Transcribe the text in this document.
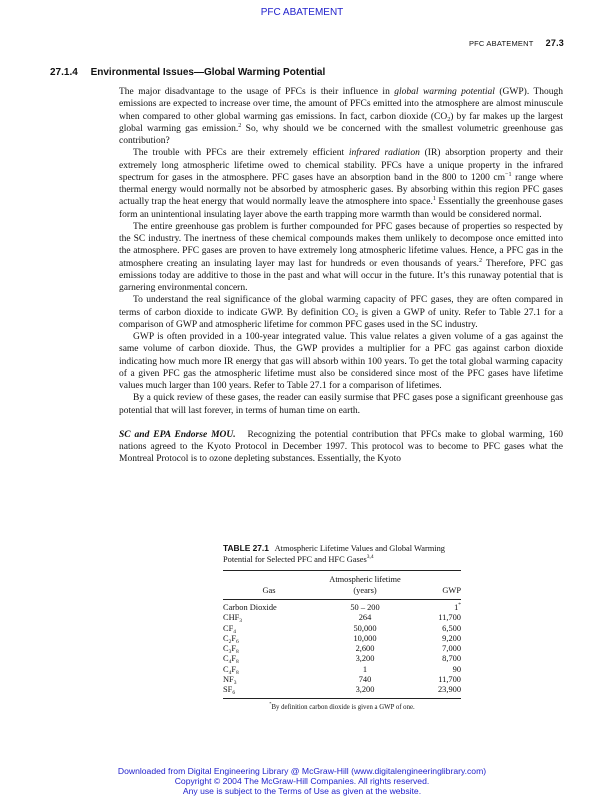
PFC ABATEMENT
PFC ABATEMENT 27.3
27.1.4 Environmental Issues—Global Warming Potential

The major disadvantage to the usage of PFCs is their influence in global warming potential (GWP). Though emissions are expected to increase over time, the amount of PFCs emitted into the atmosphere are almost minuscule when compared to other global warming gas emissions. In fact, carbon dioxide $(CO_2)$ by far makes up the largest global warming gas emission.$^2$ So, why should we be concerned with the smallest volumetric greenhouse gas contribution?

The trouble with PFCs are their extremely efficient infrared radiation (IR) absorption property and their extremely long atmospheric lifetime owed to chemical stability. PFCs have a unique property in the infrared spectrum for gases in the atmosphere. PFC gases have an absorption band in the 800 to 1200 $cm^{-1}$ range where thermal energy would normally not be absorbed by atmospheric gases. By absorbing within this region PFC gases actually trap the heat energy that would normally leave the atmosphere into space.$^1$ Essentially the greenhouse gases form an unintentional insulating layer above the earth trapping more warmth than would be considered normal.

The entire greenhouse gas problem is further compounded for PFC gases because of properties so respected by the SC industry. The inertness of these chemical compounds makes them unlikely to decompose once emitted into the atmosphere. PFC gases are proven to have extremely long atmospheric lifetime values. Hence, a PFC gas in the atmosphere creating an insulating layer may last for hundreds or even thousands of years.$^2$ Therefore, PFC gas emissions today are additive to those in the past and what will occur in the future. It’s this runaway potential that is garnering environmental concern.

To understand the real significance of the global warming capacity of PFC gases, they are often compared in terms of carbon dioxide to indicate GWP. By definition $CO_2$ is given a GWP of unity. Refer to Table 27.1 for a comparison of GWP and atmospheric lifetime for common PFC gases used in the SC industry.

GWP is often provided in a 100-year integrated value. This value relates a given volume of a gas against the same volume of carbon dioxide. Thus, the GWP provides a multiplier for a PFC gas against carbon dioxide indicating how much more IR energy that gas will absorb within 100 years. To get the total global warming capacity of a given PFC gas the atmospheric lifetime must also be considered since most of the PFC gases have lifetime values much larger than 100 years. Refer to Table 27.1 for a comparison of lifetimes.

By a quick review of these gases, the reader can easily surmise that PFC gases pose a significant greenhouse gas potential that will last forever, in terms of human time on earth.

SC and EPA Endorse MOU. Recognizing the potential contribution that PFCs make to global warming, 160 nations agreed to the Kyoto Protocol in December 1997. This protocol was to become to PFC gases what the Montreal Protocol is to ozone depleting substances. Essentially, the Kyoto

TABLE 27.1 Atmospheric Lifetime Values and Global Warming Potential for Selected PFC and HFC Gases$^{3,4}$
	Atmospheric lifetime	
Gas	(years)	GWP

Carbon Dioxide	50 – 200	1*
$CHF_3$	264	11,700
$CF_4$	50,000	6,500
$C_2F_6$	10,000	9,200
$C_3F_8$	2,600	7,000
$C_4F_8$	3,200	8,700
$C_4F_8$	1	90
$NF_3$	740	11,700
$SF_6$	3,200	23,900
*By definition carbon dioxide is given a GWP of one.
Downloaded from Digital Engineering Library @ McGraw-Hill (www.digitalengineeringlibrary.com)
Copyright © 2004 The McGraw-Hill Companies. All rights reserved.
Any use is subject to the Terms of Use as given at the website.
